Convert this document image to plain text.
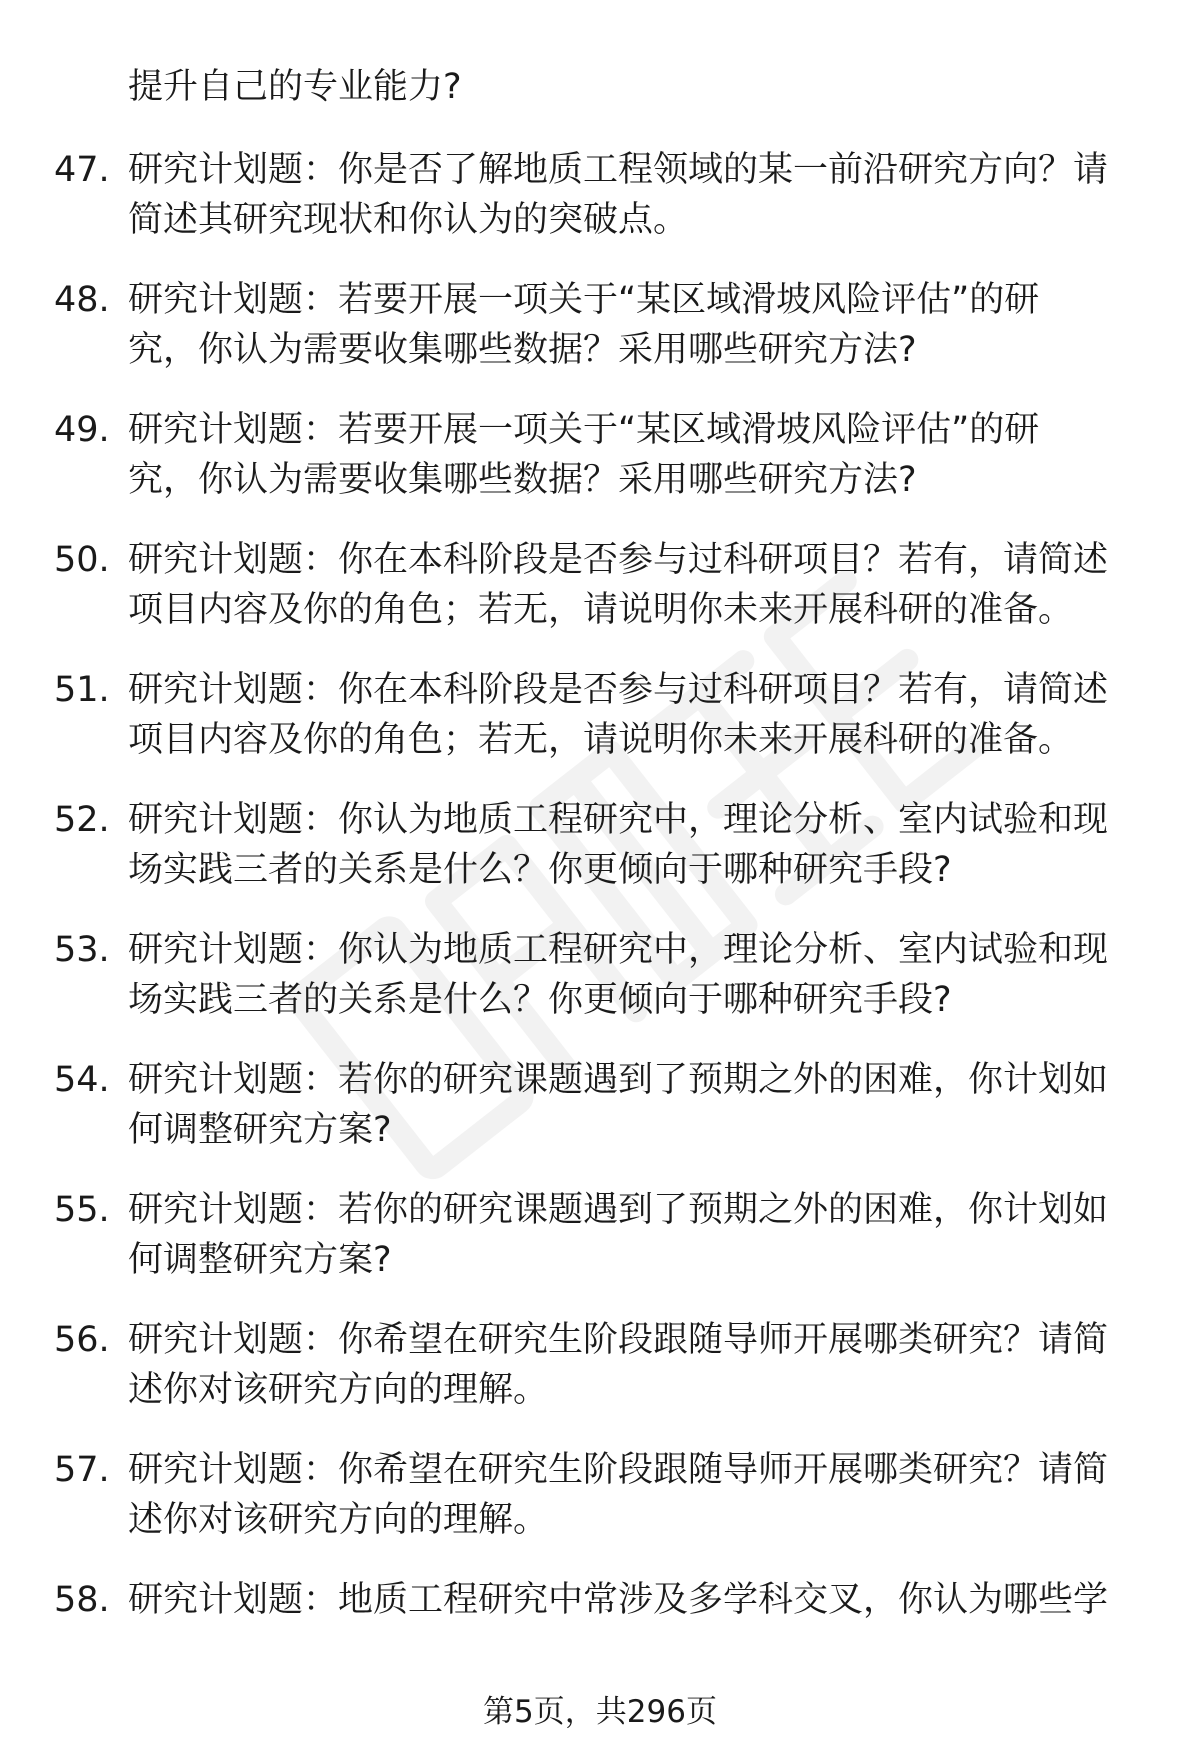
提升自己的专业能力?
47. 研究计划题：你是否了解地质工程领域的某一前沿研究方向？请
简述其研究现状和你认为的突破点。
48. 研究计划题：若要开展一项关于“某区域滑坡风险评估”的研
究，你认为需要收集哪些数据？采用哪些研究方法?
49. 研究计划题：若要开展一项关于“某区域滑坡风险评估”的研
究，你认为需要收集哪些数据？采用哪些研究方法?
50. 研究计划题：你在本科阶段是否参与过科研项目？若有，请简述
项目内容及你的角色；若无，请说明你未来开展科研的准备。
51. 研究计划题：你在本科阶段是否参与过科研项目？若有，请简述
项目内容及你的角色；若无，请说明你未来开展科研的准备。
52. 研究计划题：你认为地质工程研究中，理论分析、室内试验和现
场实践三者的关系是什么？你更倾向于哪种研究手段?
53. 研究计划题：你认为地质工程研究中，理论分析、室内试验和现
场实践三者的关系是什么？你更倾向于哪种研究手段?
54. 研究计划题：若你的研究课题遇到了预期之外的困难，你计划如
何调整研究方案?
55. 研究计划题：若你的研究课题遇到了预期之外的困难，你计划如
何调整研究方案?
56. 研究计划题：你希望在研究生阶段跟随导师开展哪类研究？请简
述你对该研究方向的理解。
57. 研究计划题：你希望在研究生阶段跟随导师开展哪类研究？请简
述你对该研究方向的理解。
58. 研究计划题：地质工程研究中常涉及多学科交叉，你认为哪些学
第5页，共296页
